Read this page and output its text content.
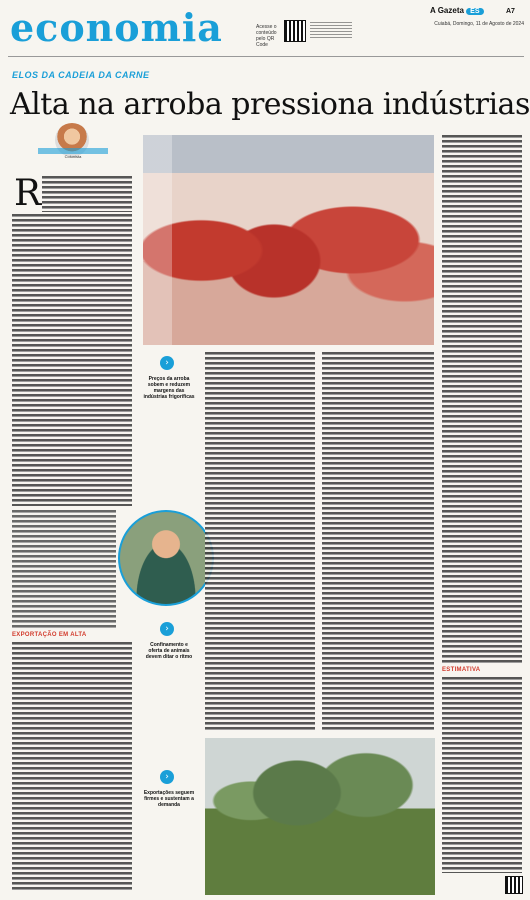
economia	Acesse o conteúdo pelo QR Code
A Gazeta ES	A7
Cuiabá, Domingo, 11 de Agosto de 2024
ELOS DA CADEIA DA CARNE
Alta na arroba pressiona indústrias
Colunista
R
EXPORTAÇÃO EM ALTA
›
Preços da arroba sobem e reduzem margens das indústrias frigoríficas
›
Confinamento e oferta de animais devem ditar o ritmo
›
Exportações seguem firmes e sustentam a demanda
ESTIMATIVA
